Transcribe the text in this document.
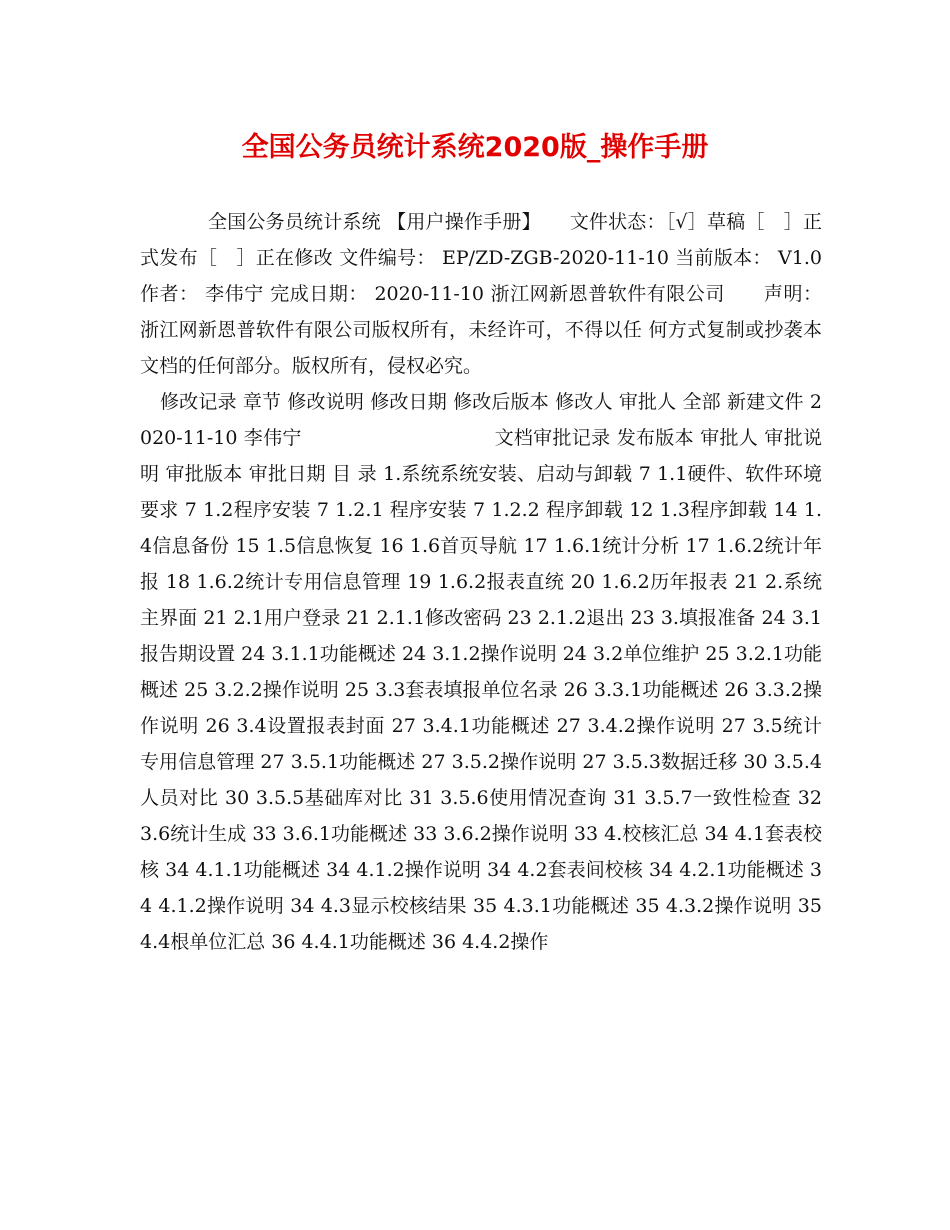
全国公务员统计系统2020版_操作手册

全国公务员统计系统 【用户操作手册】　　文件状态：［√］草稿［　］正式发布［　］正在修改 文件编号： EP/ZD-ZGB-2020-11-10 当前版本： V1.0 作者： 李伟宁 完成日期： 2020-11-10 浙江网新恩普软件有限公司　　声明：浙江网新恩普软件有限公司版权所有，未经许可，不得以任 何方式复制或抄袭本文档的任何部分。版权所有，侵权必究。

修改记录 章节 修改说明 修改日期 修改后版本 修改人 审批人 全部 新建文件 2020-11-10 李伟宁　　　　　　　　　　文档审批记录 发布版本 审批人 审批说明 审批版本 审批日期 目 录 1.系统系统安装、启动与卸载 7 1.1硬件、软件环境要求 7 1.2程序安装 7 1.2.1 程序安装 7 1.2.2 程序卸载 12 1.3程序卸载 14 1.4信息备份 15 1.5信息恢复 16 1.6首页导航 17 1.6.1统计分析 17 1.6.2统计年报 18 1.6.2统计专用信息管理 19 1.6.2报表直统 20 1.6.2历年报表 21 2.系统主界面 21 2.1用户登录 21 2.1.1修改密码 23 2.1.2退出 23 3.填报准备 24 3.1报告期设置 24 3.1.1功能概述 24 3.1.2操作说明 24 3.2单位维护 25 3.2.1功能概述 25 3.2.2操作说明 25 3.3套表填报单位名录 26 3.3.1功能概述 26 3.3.2操作说明 26 3.4设置报表封面 27 3.4.1功能概述 27 3.4.2操作说明 27 3.5统计专用信息管理 27 3.5.1功能概述 27 3.5.2操作说明 27 3.5.3数据迁移 30 3.5.4人员对比 30 3.5.5基础库对比 31 3.5.6使用情况查询 31 3.5.7一致性检查 32 3.6统计生成 33 3.6.1功能概述 33 3.6.2操作说明 33 4.校核汇总 34 4.1套表校核 34 4.1.1功能概述 34 4.1.2操作说明 34 4.2套表间校核 34 4.2.1功能概述 34 4.1.2操作说明 34 4.3显示校核结果 35 4.3.1功能概述 35 4.3.2操作说明 35 4.4根单位汇总 36 4.4.1功能概述 36 4.4.2操作
